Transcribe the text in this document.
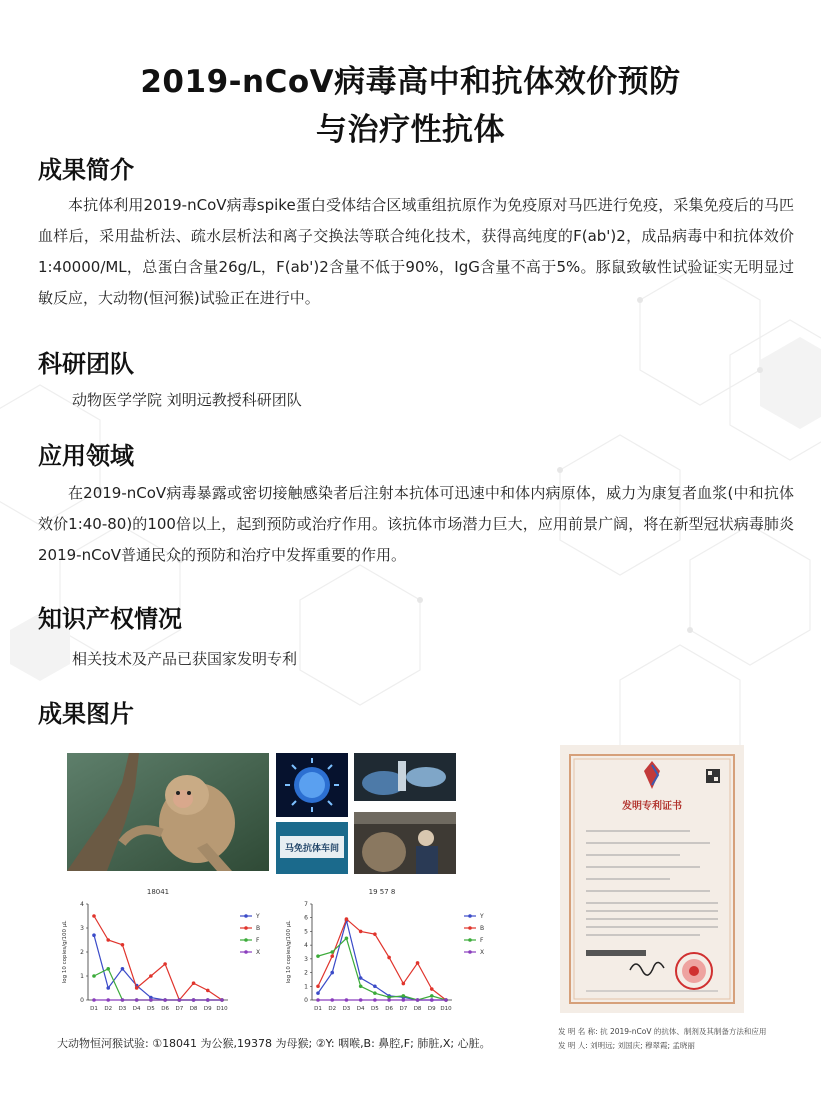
2019-nCoV病毒高中和抗体效价预防
与治疗性抗体
成果简介
本抗体利用2019-nCoV病毒spike蛋白受体结合区域重组抗原作为免疫原对马匹进行免疫，采集免疫后的马匹血样后，采用盐析法、疏水层析法和离子交换法等联合纯化技术，获得高纯度的F(ab')2，成品病毒中和抗体效价1:40000/ML，总蛋白含量26g/L，F(ab')2含量不低于90%，IgG含量不高于5%。豚鼠致敏性试验证实无明显过敏反应，大动物(恒河猴)试验正在进行中。
科研团队
动物医学学院 刘明远教授科研团队
应用领域
在2019-nCoV病毒暴露或密切接触感染者后注射本抗体可迅速中和体内病原体，威力为康复者血浆(中和抗体效价1:40-80)的100倍以上，起到预防或治疗作用。该抗体市场潜力巨大，应用前景广阔，将在新型冠状病毒肺炎2019-nCoV普通民众的预防和治疗中发挥重要的作用。
知识产权情况
相关技术及产品已获国家发明专利
成果图片
马免抗体车间
18041
0
1
2
3
4
D1 D2 D3 D4 D5 D6 D7 D8 D9 D10
log 10 copies/g/100 μL
Y
B
F
X
19 57 8
0
1
2
3
4
5
6
7
D1 D2 D3 D4 D5 D6 D7 D8 D9 D10
log 10 copies/g/100 μL
Y
B
F
X
大动物恒河猴试验: ①18041 为公猴,19378 为母猴; ②Y: 咽喉,B: 鼻腔,F; 肺脏,X; 心脏。
发明专利证书
发 明 名 称: 抗 2019-nCoV 的抗体、制剂及其制备方法和应用
发 明 人: 刘明远; 刘国庆; 穆翠霞; 孟晓丽
